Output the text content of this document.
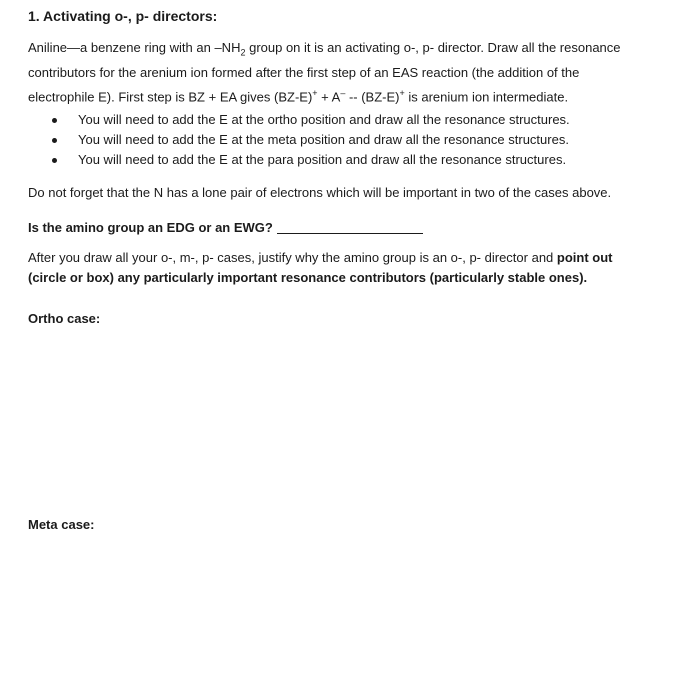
1. Activating o-, p- directors:
Aniline—a benzene ring with an $-NH_2$ group on it is an activating o-, p- director. Draw all the resonance
contributors for the arenium ion formed after the first step of an EAS reaction (the addition of the
electrophile E). First step is BZ + EA gives (BZ-E)+ + A– -- (BZ-E)+ is arenium ion intermediate.
You will need to add the E at the ortho position and draw all the resonance structures.
You will need to add the E at the meta position and draw all the resonance structures.
You will need to add the E at the para position and draw all the resonance structures.
Do not forget that the N has a lone pair of electrons which will be important in two of the cases above.
Is the amino group an EDG or an EWG?
After you draw all your o-, m-, p- cases, justify why the amino group is an o-, p- director and point out
(circle or box) any particularly important resonance contributors (particularly stable ones).
Ortho case:
Meta case:
